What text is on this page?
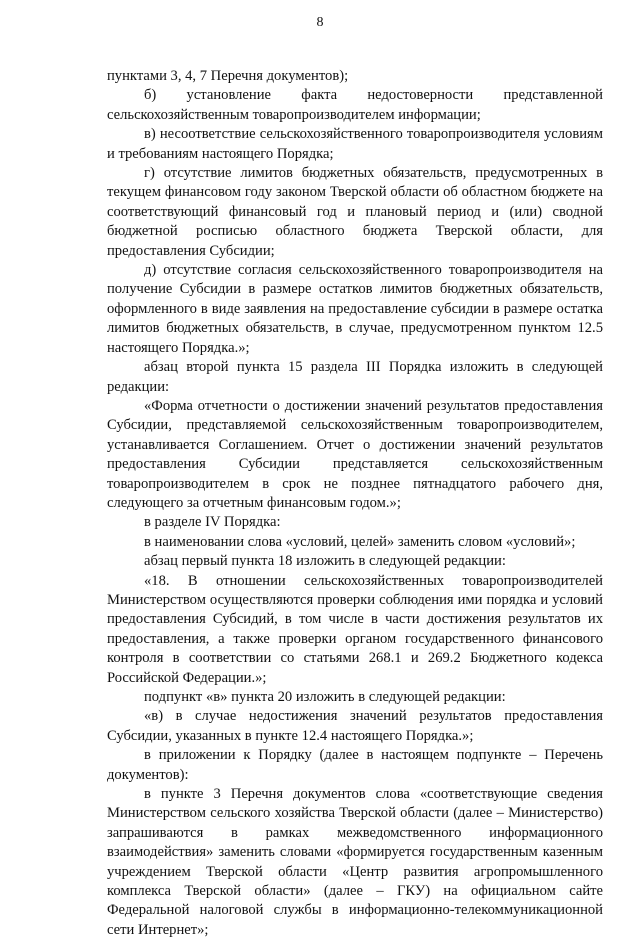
8

пунктами 3, 4, 7 Перечня документов);

б) установление факта недостоверности представленной сельскохозяйственным товаропроизводителем информации;

в) несоответствие сельскохозяйственного товаропроизводителя условиям и требованиям настоящего Порядка;

г) отсутствие лимитов бюджетных обязательств, предусмотренных в текущем финансовом году законом Тверской области об областном бюджете на соответствующий финансовый год и плановый период и (или) сводной бюджетной росписью областного бюджета Тверской области, для предоставления Субсидии;

д) отсутствие согласия сельскохозяйственного товаропроизводителя на получение Субсидии в размере остатков лимитов бюджетных обязательств, оформленного в виде заявления на предоставление субсидии в размере остатка лимитов бюджетных обязательств, в случае, предусмотренном пунктом 12.5 настоящего Порядка.»;

абзац второй пункта 15 раздела III Порядка изложить в следующей редакции:

«Форма отчетности о достижении значений результатов предоставления Субсидии, представляемой сельскохозяйственным товаропроизводителем, устанавливается Соглашением. Отчет о достижении значений результатов предоставления Субсидии представляется сельскохозяйственным товаропроизводителем в срок не позднее пятнадцатого рабочего дня, следующего за отчетным финансовым годом.»;

в разделе IV Порядка:

в наименовании слова «условий, целей» заменить словом «условий»;

абзац первый пункта 18 изложить в следующей редакции:

«18. В отношении сельскохозяйственных товаропроизводителей Министерством осуществляются проверки соблюдения ими порядка и условий предоставления Субсидий, в том числе в части достижения результатов их предоставления, а также проверки органом государственного финансового контроля в соответствии со статьями 268.1 и 269.2 Бюджетного кодекса Российской Федерации.»;

подпункт «в» пункта 20 изложить в следующей редакции:

«в) в случае недостижения значений результатов предоставления Субсидии, указанных в пункте 12.4 настоящего Порядка.»;

в приложении к Порядку (далее в настоящем подпункте – Перечень документов):

в пункте 3 Перечня документов слова «соответствующие сведения Министерством сельского хозяйства Тверской области (далее – Министерство) запрашиваются в рамках межведомственного информационного взаимодействия» заменить словами «формируется государственным казенным учреждением Тверской области «Центр развития агропромышленного комплекса Тверской области» (далее – ГКУ) на официальном сайте Федеральной налоговой службы в информационно-телекоммуникационной сети Интернет»;
